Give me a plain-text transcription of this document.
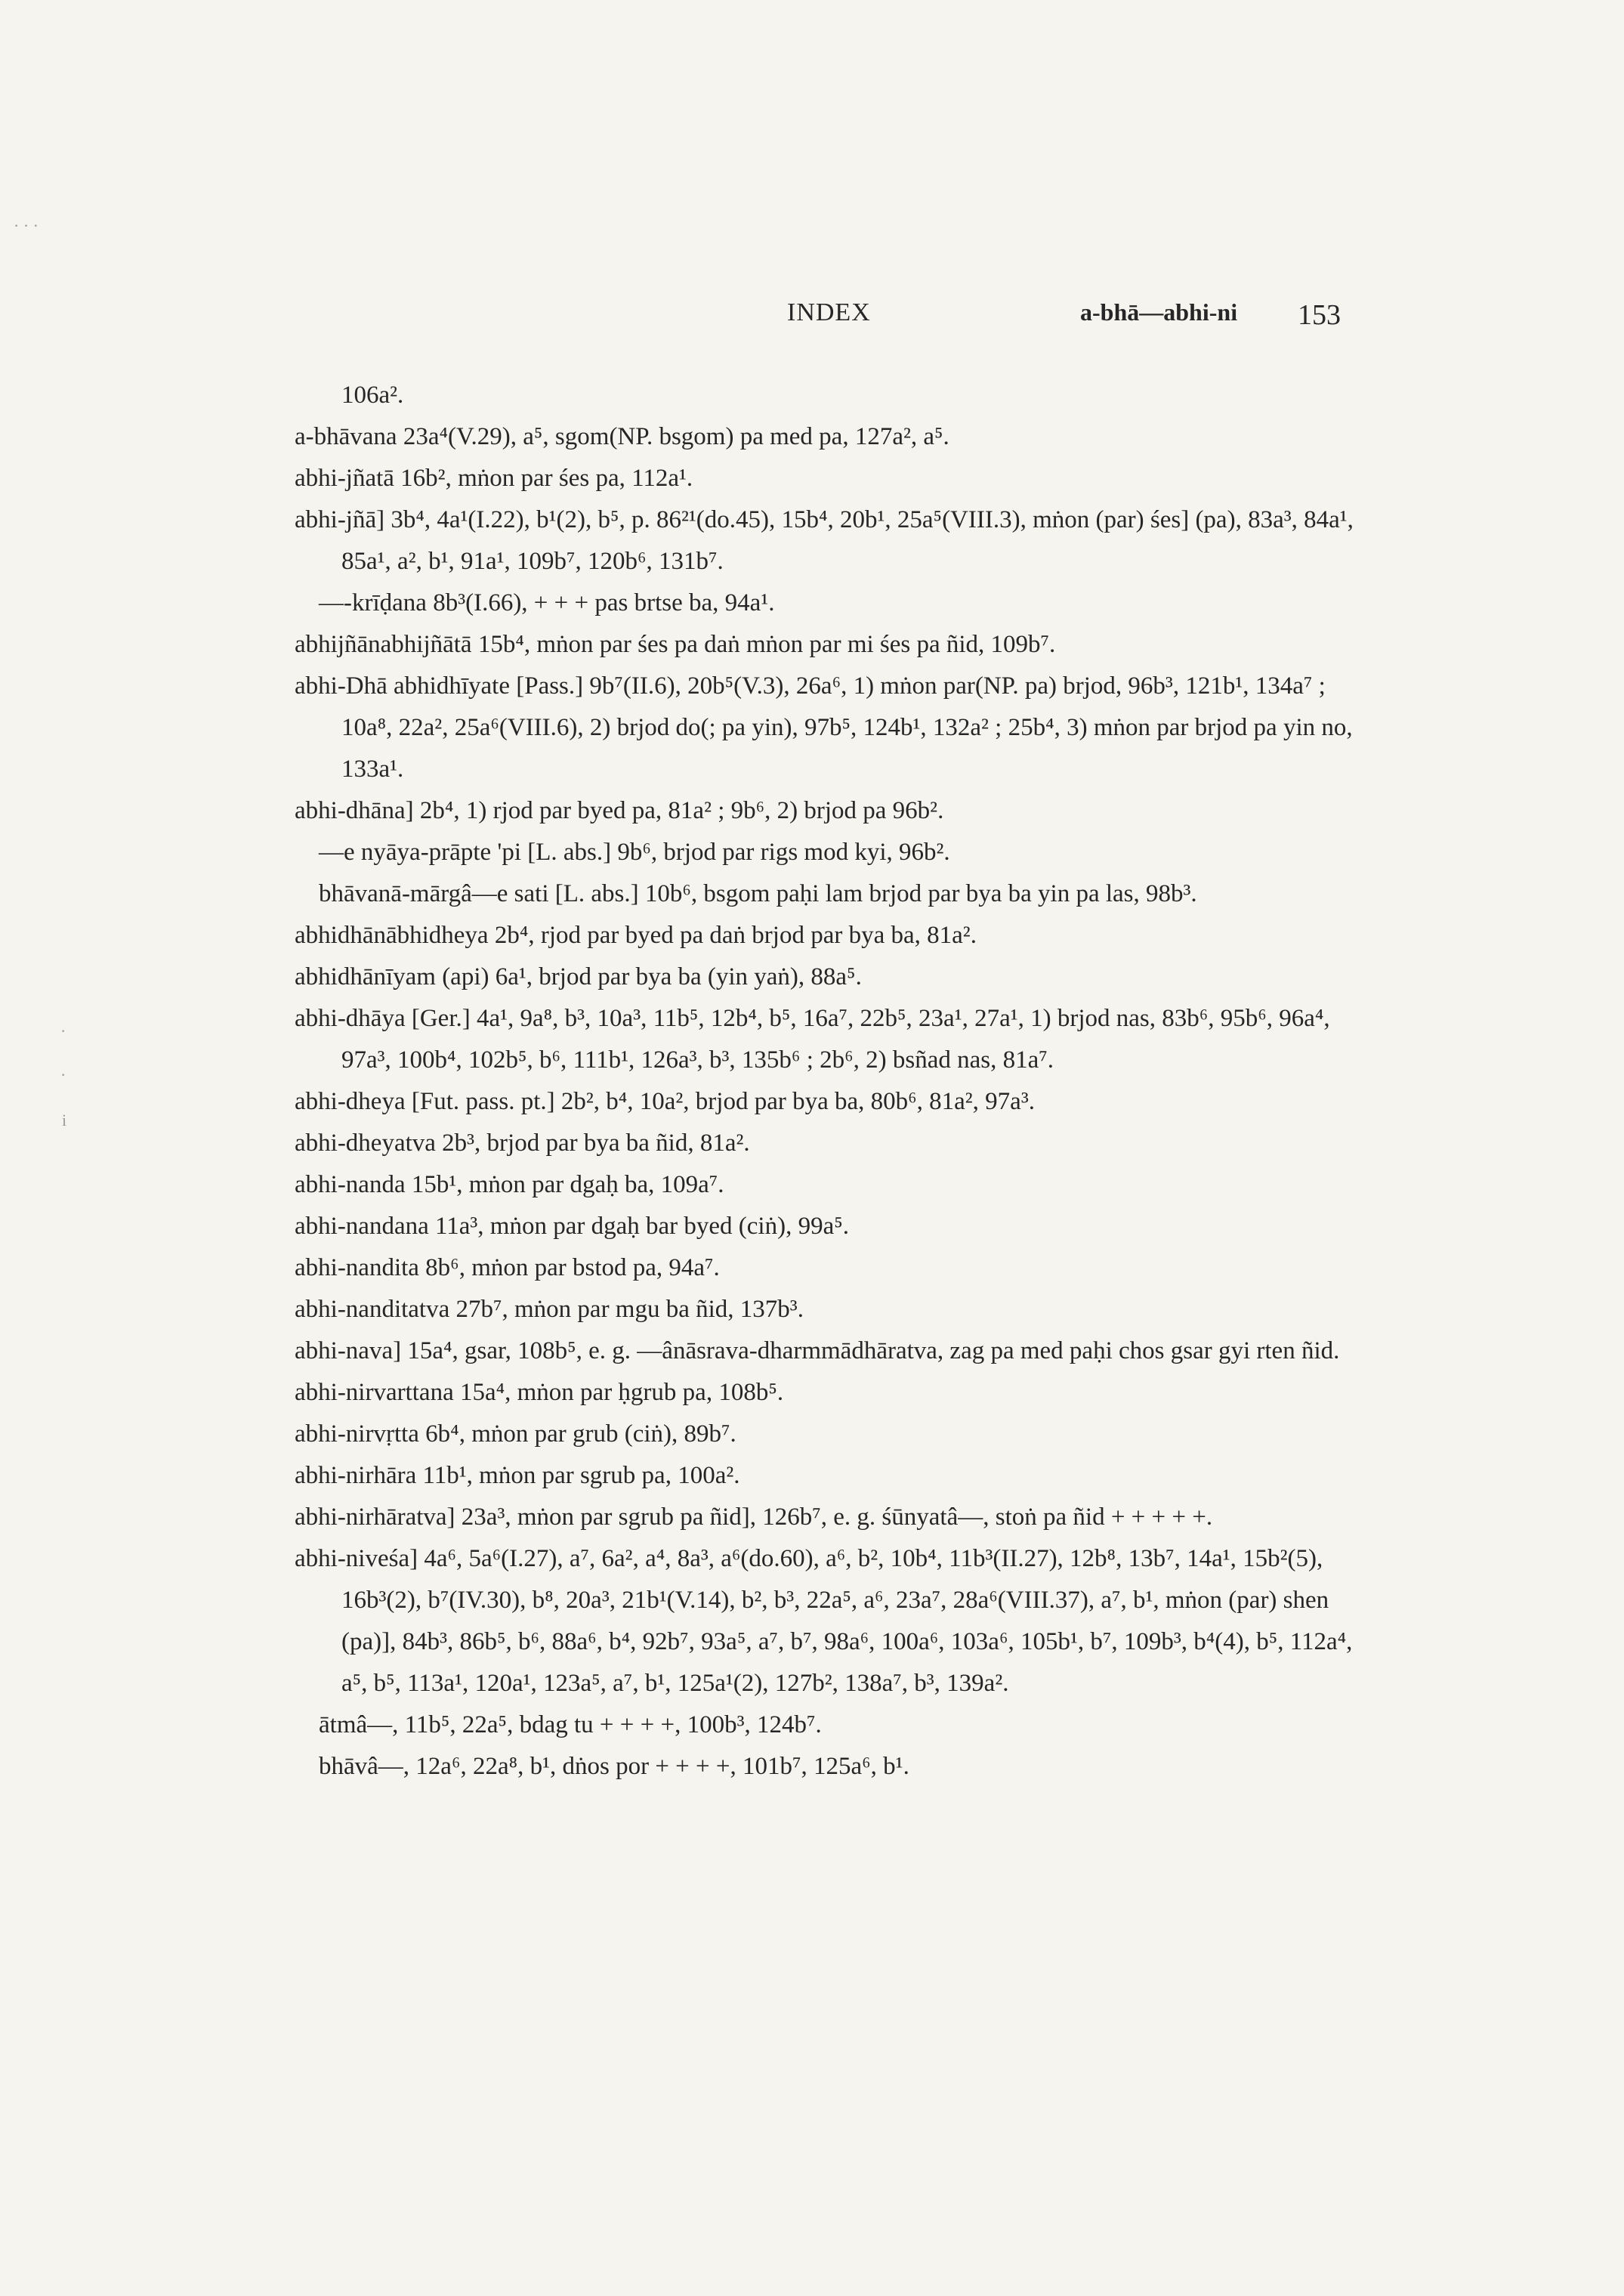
INDEX	a-bhā—abhi-ni 153
· · ·
·
·
i
106a².
a-bhāvana 23a⁴(V.29), a⁵, sgom(NP. bsgom) pa med pa, 127a², a⁵.
abhi-jñatā 16b², mṅon par śes pa, 112a¹.
abhi-jñā] 3b⁴, 4a¹(I.22), b¹(2), b⁵, p. 86²¹(do.45), 15b⁴, 20b¹, 25a⁵(VIII.3), mṅon (par) śes] (pa), 83a³, 84a¹, 85a¹, a², b¹, 91a¹, 109b⁷, 120b⁶, 131b⁷.
—-krīḍana 8b³(I.66), + + + pas brtse ba, 94a¹.
abhijñānabhijñātā 15b⁴, mṅon par śes pa daṅ mṅon par mi śes pa ñid, 109b⁷.
abhi-Dhā abhidhīyate [Pass.] 9b⁷(II.6), 20b⁵(V.3), 26a⁶, 1) mṅon par(NP. pa) brjod, 96b³, 121b¹, 134a⁷ ; 10a⁸, 22a², 25a⁶(VIII.6), 2) brjod do(; pa yin), 97b⁵, 124b¹, 132a² ; 25b⁴, 3) mṅon par brjod pa yin no, 133a¹.
abhi-dhāna] 2b⁴, 1) rjod par byed pa, 81a² ; 9b⁶, 2) brjod pa 96b².
—e nyāya-prāpte 'pi [L. abs.] 9b⁶, brjod par rigs mod kyi, 96b².
bhāvanā-mārgâ—e sati [L. abs.] 10b⁶, bsgom paḥi lam brjod par bya ba yin pa las, 98b³.
abhidhānābhidheya 2b⁴, rjod par byed pa daṅ brjod par bya ba, 81a².
abhidhānīyam (api) 6a¹, brjod par bya ba (yin yaṅ), 88a⁵.
abhi-dhāya [Ger.] 4a¹, 9a⁸, b³, 10a³, 11b⁵, 12b⁴, b⁵, 16a⁷, 22b⁵, 23a¹, 27a¹, 1) brjod nas, 83b⁶, 95b⁶, 96a⁴, 97a³, 100b⁴, 102b⁵, b⁶, 111b¹, 126a³, b³, 135b⁶ ; 2b⁶, 2) bsñad nas, 81a⁷.
abhi-dheya [Fut. pass. pt.] 2b², b⁴, 10a², brjod par bya ba, 80b⁶, 81a², 97a³.
abhi-dheyatva 2b³, brjod par bya ba ñid, 81a².
abhi-nanda 15b¹, mṅon par dgaḥ ba, 109a⁷.
abhi-nandana 11a³, mṅon par dgaḥ bar byed (ciṅ), 99a⁵.
abhi-nandita 8b⁶, mṅon par bstod pa, 94a⁷.
abhi-nanditatva 27b⁷, mṅon par mgu ba ñid, 137b³.
abhi-nava] 15a⁴, gsar, 108b⁵, e. g. —ânāsrava-dharmmādhāratva, zag pa med paḥi chos gsar gyi rten ñid.
abhi-nirvarttana 15a⁴, mṅon par ḥgrub pa, 108b⁵.
abhi-nirvṛtta 6b⁴, mṅon par grub (ciṅ), 89b⁷.
abhi-nirhāra 11b¹, mṅon par sgrub pa, 100a².
abhi-nirhāratva] 23a³, mṅon par sgrub pa ñid], 126b⁷, e. g. śūnyatâ—, stoṅ pa ñid + + + + +.
abhi-niveśa] 4a⁶, 5a⁶(I.27), a⁷, 6a², a⁴, 8a³, a⁶(do.60), a⁶, b², 10b⁴, 11b³(II.27), 12b⁸, 13b⁷, 14a¹, 15b²(5), 16b³(2), b⁷(IV.30), b⁸, 20a³, 21b¹(V.14), b², b³, 22a⁵, a⁶, 23a⁷, 28a⁶(VIII.37), a⁷, b¹, mṅon (par) shen (pa)], 84b³, 86b⁵, b⁶, 88a⁶, b⁴, 92b⁷, 93a⁵, a⁷, b⁷, 98a⁶, 100a⁶, 103a⁶, 105b¹, b⁷, 109b³, b⁴(4), b⁵, 112a⁴, a⁵, b⁵, 113a¹, 120a¹, 123a⁵, a⁷, b¹, 125a¹(2), 127b², 138a⁷, b³, 139a².
ātmâ—, 11b⁵, 22a⁵, bdag tu + + + +, 100b³, 124b⁷.
bhāvâ—, 12a⁶, 22a⁸, b¹, dṅos por + + + +, 101b⁷, 125a⁶, b¹.
